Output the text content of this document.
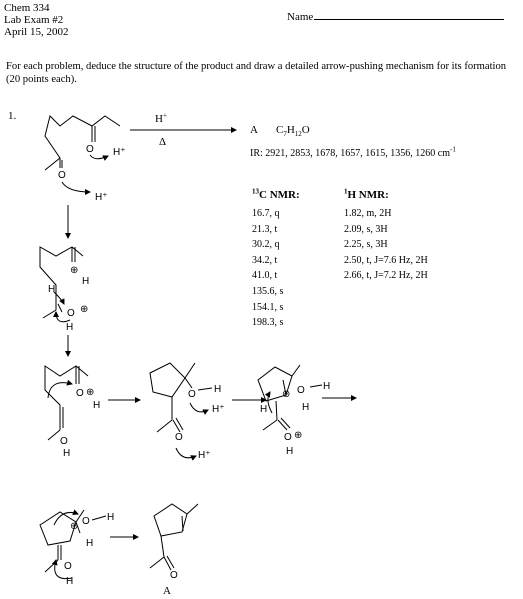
Chem 334
Lab Exam #2
April 15, 2002
Name
For each problem, deduce the structure of the product and draw a detailed arrow-pushing mechanism for its formation (20 points each).
1.	H+
Δ
A $C_7H_{12}O$
IR: 2921, 2853, 1678, 1657, 1615, 1356, 1260 $cm^{-1}$
$^{13}$C NMR:
16.7, q
21.3, t
30.2, q
34.2, t
41.0, t
135.6, s
154.1, s
198.3, s
$^1$H NMR:
1.82, m, 2H
2.09, s, 3H
2.25, s, 3H
2.50, t, J=7.6 Hz, 2H
2.66, t, J=7.2 Hz, 2H
A
O H⁺
O
H⁺
⊕
H
H
O ⊕
H
O ⊕
H
O
H
O H
H⁺
O
H⁺
⊕ O H
H
H
O ⊕
H
⊕ O H
H
O
H
O
